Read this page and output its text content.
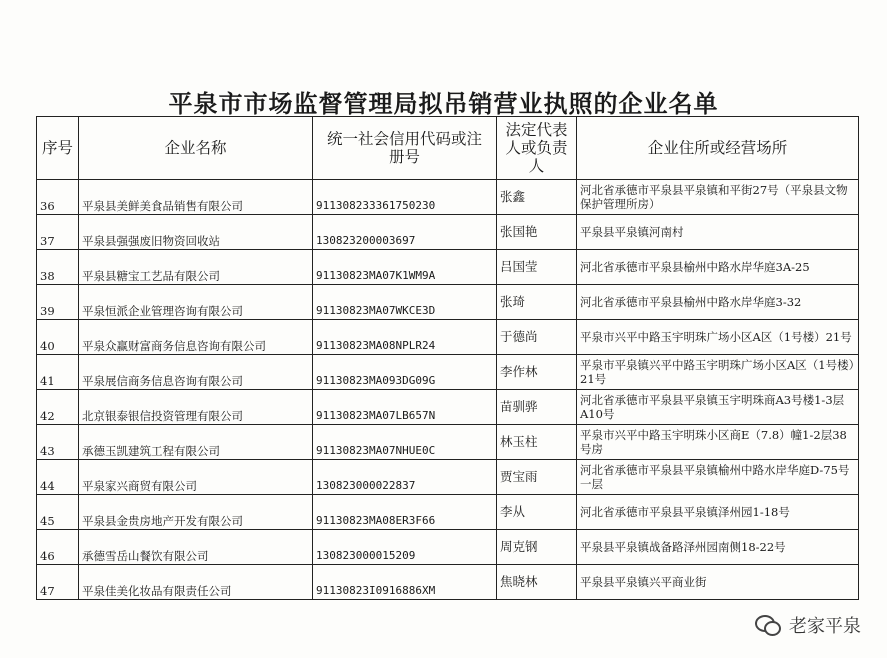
平泉市市场监督管理局拟吊销营业执照的企业名单
序号	企业名称	统一社会信用代码或注册号	法定代表人或负责人	企业住所或经营场所
36	平泉县美鲜美食品销售有限公司	911308233361750230	张鑫	河北省承德市平泉县平泉镇和平街27号（平泉县文物保护管理所房）
37	平泉县强强废旧物资回收站	130823200003697	张国艳	平泉县平泉镇河南村
38	平泉县糖宝工艺品有限公司	91130823MA07K1WM9A	吕国莹	河北省承德市平泉县榆州中路水岸华庭3A-25
39	平泉恒派企业管理咨询有限公司	91130823MA07WKCE3D	张琦	河北省承德市平泉县榆州中路水岸华庭3-32
40	平泉众赢财富商务信息咨询有限公司	91130823MA08NPLR24	于德尚	平泉市兴平中路玉宇明珠广场小区A区（1号楼）21号
41	平泉展信商务信息咨询有限公司	91130823MA093DG09G	李作林	平泉市平泉镇兴平中路玉宇明珠广场小区A区（1号楼）21号
42	北京银泰银信投资管理有限公司	91130823MA07LB657N	苗驯骅	河北省承德市平泉县平泉镇玉宇明珠商A3号楼1-3层A10号
43	承德玉凯建筑工程有限公司	91130823MA07NHUE0C	林玉柱	平泉市兴平中路玉宇明珠小区商E（7.8）幢1-2层38号房
44	平泉家兴商贸有限公司	130823000022837	贾宝雨	河北省承德市平泉县平泉镇榆州中路水岸华庭D-75号一层
45	平泉县金贵房地产开发有限公司	91130823MA08ER3F66	李从	河北省承德市平泉县平泉镇泽州园1-18号
46	承德雪岳山餐饮有限公司	130823000015209	周克钢	平泉县平泉镇战备路泽州园南侧18-22号
47	平泉佳美化妆品有限责任公司	91130823I0916886XM	焦晓林	平泉县平泉镇兴平商业街
老家平泉
